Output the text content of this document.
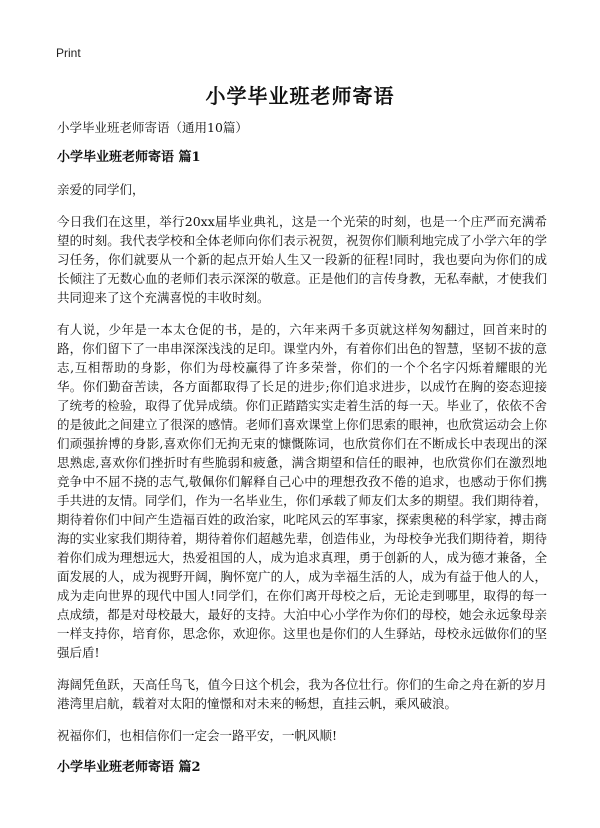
Print
小学毕业班老师寄语

小学毕业班老师寄语（通用10篇）

小学毕业班老师寄语 篇1

亲爱的同学们，

今日我们在这里，举行20xx届毕业典礼，这是一个光荣的时刻，也是一个庄严而充满希望的时刻。我代表学校和全体老师向你们表示祝贺，祝贺你们顺利地完成了小学六年的学习任务，你们就要从一个新的起点开始人生又一段新的征程!同时，我也要向为你们的成长倾注了无数心血的老师们表示深深的敬意。正是他们的言传身教，无私奉献，才使我们共同迎来了这个充满喜悦的丰收时刻。

有人说，少年是一本太仓促的书，是的，六年来两千多页就这样匆匆翻过，回首来时的路，你们留下了一串串深深浅浅的足印。课堂内外，有着你们出色的智慧，坚韧不拔的意志,互相帮助的身影，你们为母校赢得了许多荣誉，你们的一个个名字闪烁着耀眼的光华。你们勤奋苦读，各方面都取得了长足的进步;你们追求进步，以成竹在胸的姿态迎接了统考的检验，取得了优异成绩。你们正踏踏实实走着生活的每一天。毕业了，依依不舍的是彼此之间建立了很深的感情。老师们喜欢课堂上你们思索的眼神，也欣赏运动会上你们顽强拚博的身影,喜欢你们无拘无束的慷慨陈词，也欣赏你们在不断成长中表现出的深思熟虑,喜欢你们挫折时有些脆弱和疲惫，满含期望和信任的眼神，也欣赏你们在激烈地竞争中不屈不挠的志气,敬佩你们解释自己心中的理想孜孜不倦的追求，也感动于你们携手共进的友情。同学们，作为一名毕业生，你们承载了师友们太多的期望。我们期待着，期待着你们中间产生造福百姓的政治家，叱咤风云的军事家，探索奥秘的科学家，搏击商海的实业家我们期待着，期待着你们超越先辈，创造伟业，为母校争光我们期待着，期待着你们成为理想远大，热爱祖国的人，成为追求真理，勇于创新的人，成为德才兼备，全面发展的人，成为视野开阔，胸怀宽广的人，成为幸福生活的人，成为有益于他人的人，成为走向世界的现代中国人!同学们，在你们离开母校之后，无论走到哪里，取得的每一点成绩，都是对母校最大，最好的支持。大泊中心小学作为你们的母校，她会永远象母亲一样支持你，培育你，思念你，欢迎你。这里也是你们的人生驿站，母校永远做你们的坚强后盾!

海阔凭鱼跃，天高任鸟飞，值今日这个机会，我为各位壮行。你们的生命之舟在新的岁月港湾里启航，载着对太阳的憧憬和对未来的畅想，直挂云帆，乘风破浪。

祝福你们，也相信你们一定会一路平安，一帆风顺!

小学毕业班老师寄语 篇2
